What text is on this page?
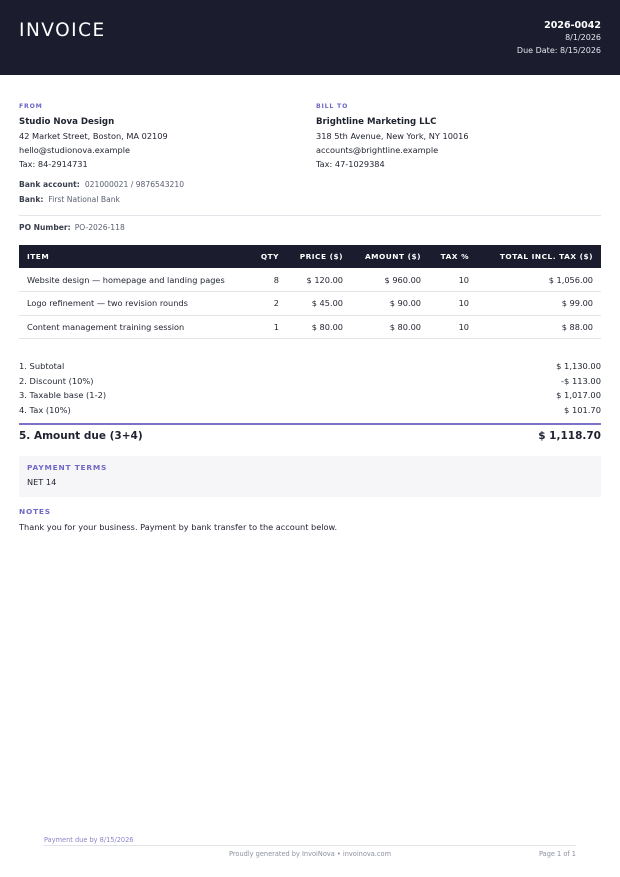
INVOICE	2026-0042
8/1/2026
Due Date: 8/15/2026
FROM
Studio Nova Design
42 Market Street, Boston, MA 02109
hello@studionova.example
Tax: 84-2914731
BILL TO
Brightline Marketing LLC
318 5th Avenue, New York, NY 10016
accounts@brightline.example
Tax: 47-1029384
Bank account: 021000021 / 9876543210
Bank: First National Bank
PO Number: PO-2026-118
ITEM	QTY	PRICE ($)	AMOUNT ($)	TAX %	TOTAL INCL. TAX ($)
Website design — homepage and landing pages	8	$ 120.00	$ 960.00	10	$ 1,056.00
Logo refinement — two revision rounds	2	$ 45.00	$ 90.00	10	$ 99.00
Content management training session	1	$ 80.00	$ 80.00	10	$ 88.00
1. Subtotal	$ 1,130.00
2. Discount (10%)	-$ 113.00
3. Taxable base (1-2)	$ 1,017.00
4. Tax (10%)	$ 101.70
5. Amount due (3+4)	$ 1,118.70
PAYMENT TERMS
NET 14
NOTES
Thank you for your business. Payment by bank transfer to the account below.
Payment due by 8/15/2026
Proudly generated by InvoiNova • invoinova.com	Page 1 of 1
